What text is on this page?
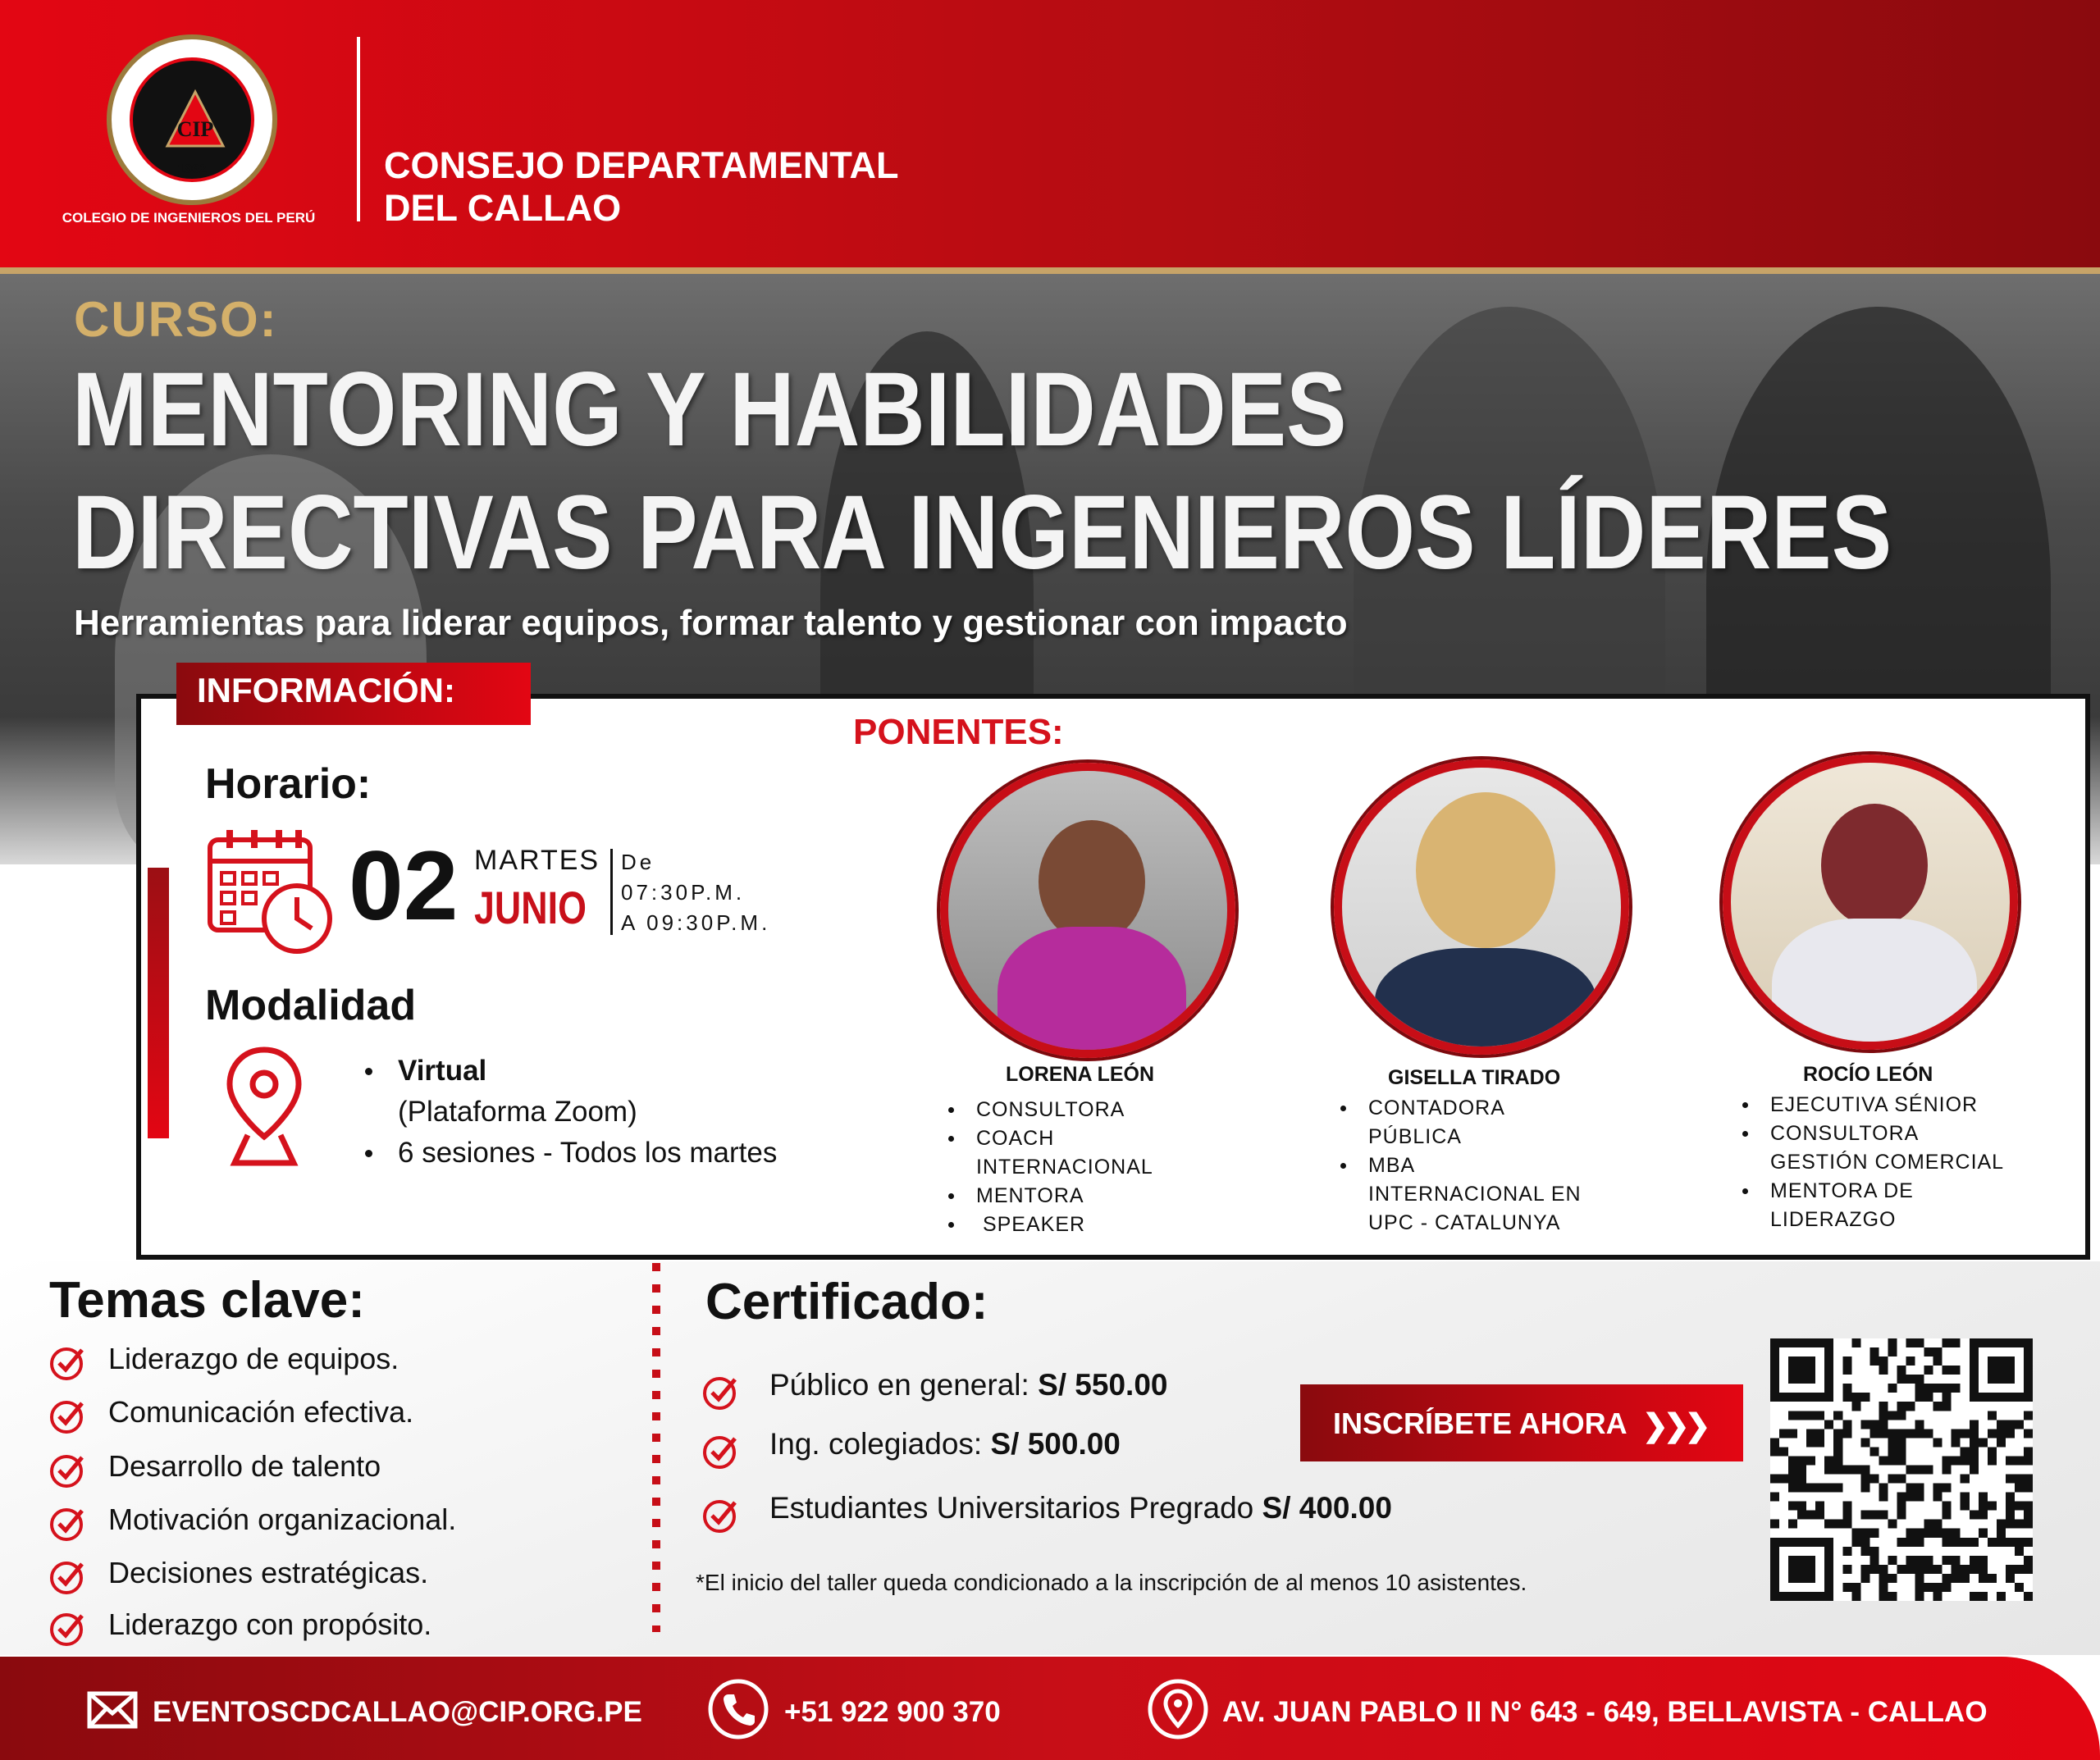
CIP
1962
COLEGIO DE INGENIEROS DEL PERÚ
CONSEJO DEPARTAMENTAL
DEL CALLAO
CURSO:
MENTORING Y HABILIDADES
DIRECTIVAS PARA INGENIEROS LÍDERES
Herramientas para liderar equipos, formar talento y gestionar con impacto
INFORMACIÓN:
Horario:
02 MARTES
JUNIO
De
07:30P.M.
A 09:30P.M.
Modalidad
Virtual
(Plataforma Zoom)
6 sesiones - Todos los martes
PONENTES:
LORENA LEÓN
CONSULTORA
COACH
INTERNACIONAL
MENTORA
SPEAKER
GISELLA TIRADO
CONTADORA
PÚBLICA
MBA
INTERNACIONAL EN
UPC - CATALUNYA
ROCÍO LEÓN
EJECUTIVA SÉNIOR
CONSULTORA
GESTIÓN COMERCIAL
MENTORA DE
LIDERAZGO
Temas clave:
Liderazgo de equipos.
Comunicación efectiva.
Desarrollo de talento
Motivación organizacional.
Decisiones estratégicas.
Liderazgo con propósito.
Certificado:
Público en general: S/ 550.00
Ing. colegiados: S/ 500.00
Estudiantes Universitarios Pregrado S/ 400.00
*El inicio del taller queda condicionado a la inscripción de al menos 10 asistentes.
INSCRÍBETE AHORA ❯❯❯
EVENTOSCDCALLAO@CIP.ORG.PE	+51 922 900 370	AV. JUAN PABLO II N° 643 - 649, BELLAVISTA - CALLAO
